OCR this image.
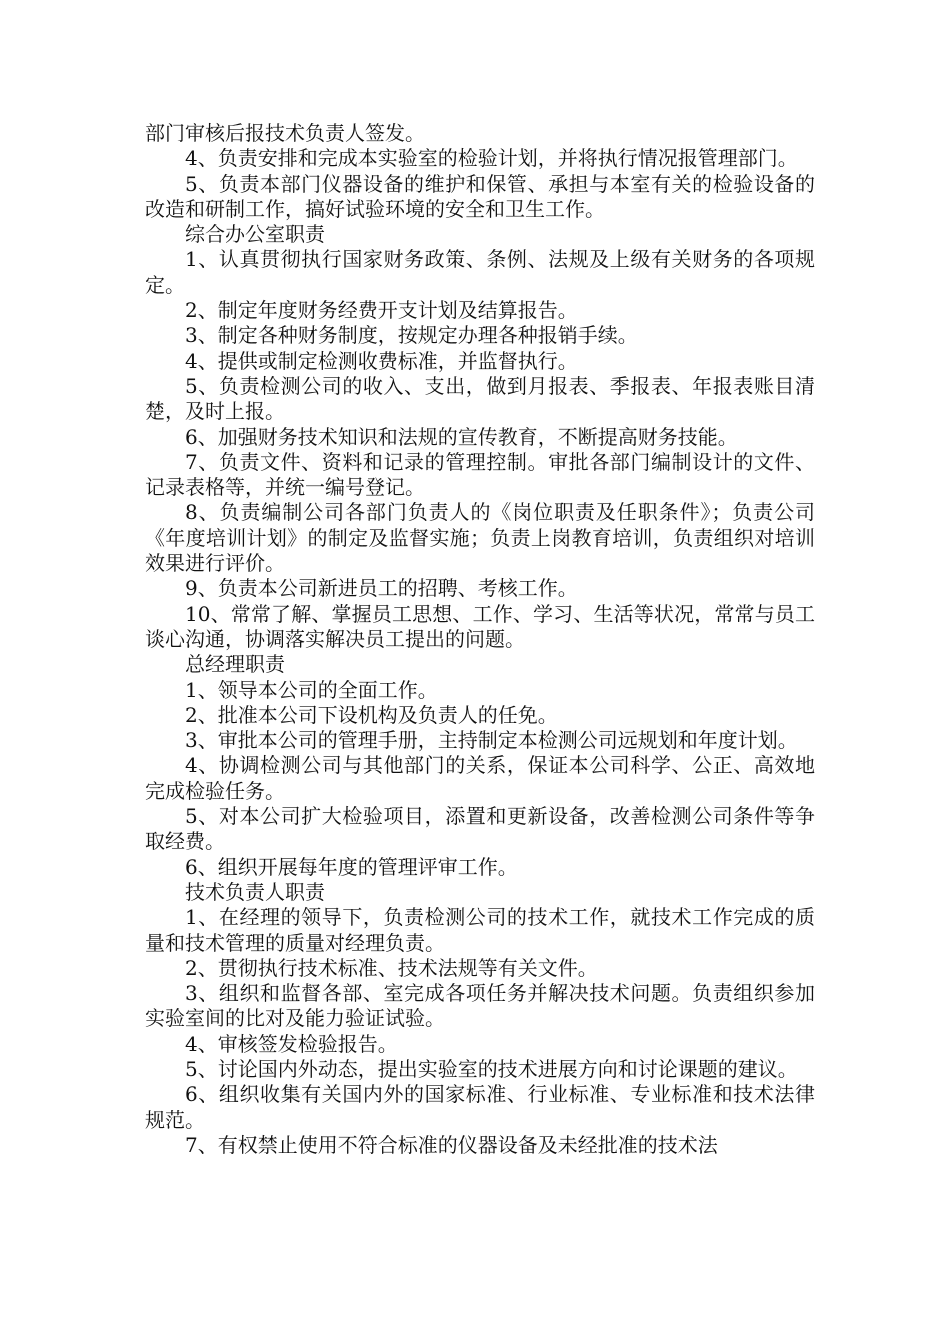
部门审核后报技术负责人签发。

4、负责安排和完成本实验室的检验计划，并将执行情况报管理部门。

5、负责本部门仪器设备的维护和保管、承担与本室有关的检验设备的改造和研制工作，搞好试验环境的安全和卫生工作。

综合办公室职责

1、认真贯彻执行国家财务政策、条例、法规及上级有关财务的各项规定。

2、制定年度财务经费开支计划及结算报告。

3、制定各种财务制度，按规定办理各种报销手续。

4、提供或制定检测收费标准，并监督执行。

5、负责检测公司的收入、支出，做到月报表、季报表、年报表账目清楚，及时上报。

6、加强财务技术知识和法规的宣传教育，不断提高财务技能。

7、负责文件、资料和记录的管理控制。审批各部门编制设计的文件、记录表格等，并统一编号登记。

8、负责编制公司各部门负责人的《岗位职责及任职条件》；负责公司《年度培训计划》的制定及监督实施；负责上岗教育培训，负责组织对培训效果进行评价。

9、负责本公司新进员工的招聘、考核工作。

10、常常了解、掌握员工思想、工作、学习、生活等状况，常常与员工谈心沟通，协调落实解决员工提出的问题。

总经理职责

1、领导本公司的全面工作。

2、批准本公司下设机构及负责人的任免。

3、审批本公司的管理手册，主持制定本检测公司远规划和年度计划。

4、协调检测公司与其他部门的关系，保证本公司科学、公正、高效地完成检验任务。

5、对本公司扩大检验项目，添置和更新设备，改善检测公司条件等争取经费。

6、组织开展每年度的管理评审工作。

技术负责人职责

1、在经理的领导下，负责检测公司的技术工作，就技术工作完成的质量和技术管理的质量对经理负责。

2、贯彻执行技术标准、技术法规等有关文件。

3、组织和监督各部、室完成各项任务并解决技术问题。负责组织参加实验室间的比对及能力验证试验。

4、审核签发检验报告。

5、讨论国内外动态，提出实验室的技术进展方向和讨论课题的建议。

6、组织收集有关国内外的国家标准、行业标准、专业标准和技术法律规范。

7、有权禁止使用不符合标准的仪器设备及未经批准的技术法
